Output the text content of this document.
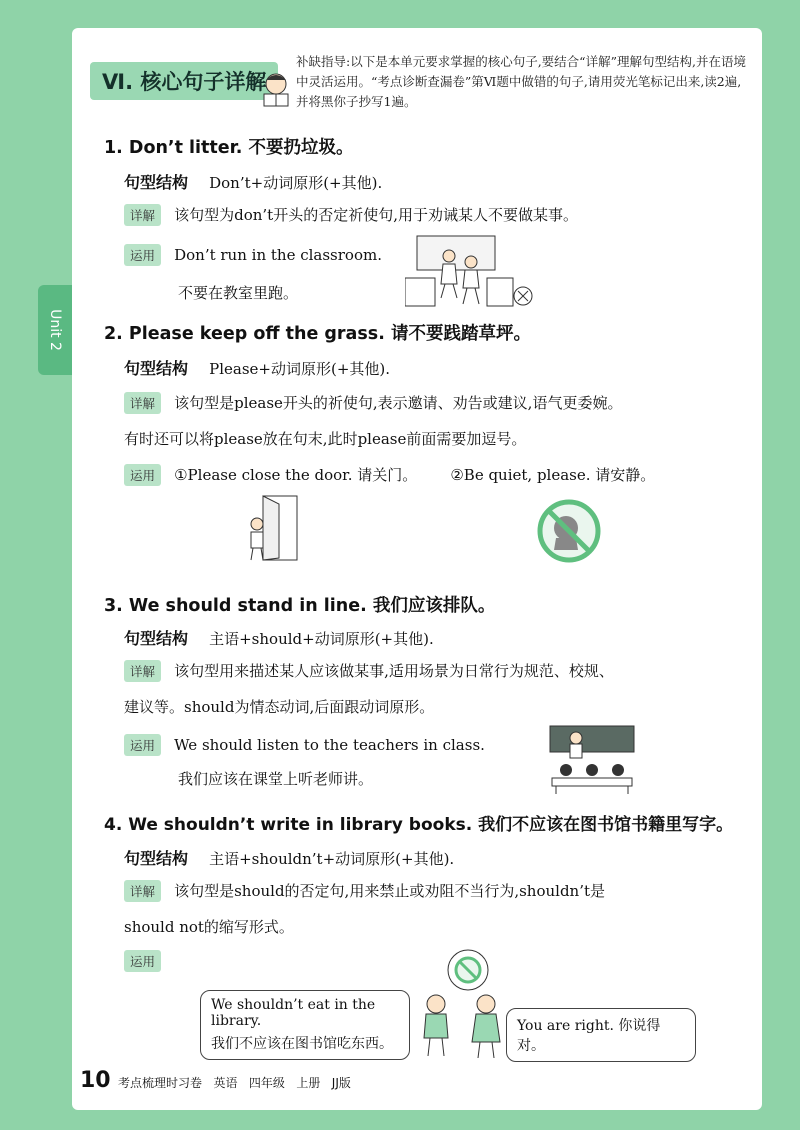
Unit 2
Ⅵ. 核心句子详解
补缺指导:以下是本单元要求掌握的核心句子,要结合“详解”理解句型结构,并在语境中灵活运用。“考点诊断查漏卷”第Ⅵ题中做错的句子,请用荧光笔标记出来,读2遍,并将黑你子抄写1遍。
1. Don’t litter. 不要扔垃圾。
句型结构 Don’t+动词原形(+其他).
详解 该句型为don’t开头的否定祈使句,用于劝诫某人不要做某事。
运用 Don’t run in the classroom.
不要在教室里跑。
2. Please keep off the grass. 请不要践踏草坪。
句型结构 Please+动词原形(+其他).
详解 该句型是please开头的祈使句,表示邀请、劝告或建议,语气更委婉。
有时还可以将please放在句末,此时please前面需要加逗号。
运用 ①Please close the door. 请关门。 ②Be quiet, please. 请安静。
3. We should stand in line. 我们应该排队。
句型结构 主语+should+动词原形(+其他).
详解 该句型用来描述某人应该做某事,适用场景为日常行为规范、校规、
建议等。should为情态动词,后面跟动词原形。
运用 We should listen to the teachers in class.
我们应该在课堂上听老师讲。
4. We shouldn’t write in library books. 我们不应该在图书馆书籍里写字。
句型结构 主语+shouldn’t+动词原形(+其他).
详解 该句型是should的否定句,用来禁止或劝阻不当行为,shouldn’t是
should not的缩写形式。
运用
We shouldn’t eat in the library.
我们不应该在图书馆吃东西。
You are right. 你说得对。
10 考点梳理时习卷   英语   四年级   上册   JJ版
